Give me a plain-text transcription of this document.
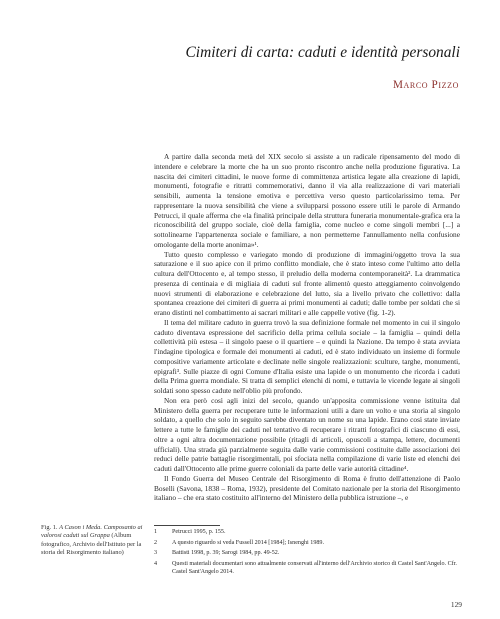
Cimiteri di carta: caduti e identità personali
Marco Pizzo

A partire dalla seconda metà del XIX secolo si assiste a un radicale ripensamento del modo di intendere e celebrare la morte che ha un suo pronto riscontro anche nella produzione figurativa. La nascita dei cimiteri cittadini, le nuove forme di committenza artistica legate alla creazione di lapidi, monumenti, fotografie e ritratti commemorativi, danno il via alla realizzazione di vari materiali sensibili, aumenta la tensione emotiva e percettiva verso questo particolarissimo tema. Per rappresentare la nuova sensibilità che viene a svilupparsi possono essere utili le parole di Armando Petrucci, il quale afferma che «la finalità principale della struttura funeraria monumentale-grafica era la riconoscibilità del gruppo sociale, cioè della famiglia, come nucleo e come singoli membri [...] a sottolinearne l'appartenenza sociale e familiare, a non permetterne l'annullamento nella confusione omologante della morte anonima»¹.

Tutto questo complesso e variegato mondo di produzione di immagini/oggetto trova la sua saturazione e il suo apice con il primo conflitto mondiale, che è stato inteso come l'ultimo atto della cultura dell'Ottocento e, al tempo stesso, il preludio della moderna contemporaneità². La drammatica presenza di centinaia e di migliaia di caduti sul fronte alimentò questo atteggiamento coinvolgendo nuovi strumenti di elaborazione e celebrazione del lutto, sia a livello privato che collettivo: dalla spontanea creazione dei cimiteri di guerra ai primi monumenti ai caduti; dalle tombe per soldati che si erano distinti nel combattimento ai sacrari militari e alle cappelle votive (fig. 1-2).

Il tema del militare caduto in guerra trovò la sua definizione formale nel momento in cui il singolo caduto diventava espressione del sacrificio della prima cellula sociale – la famiglia – quindi della collettività più estesa – il singolo paese o il quartiere – e quindi la Nazione. Da tempo è stata avviata l'indagine tipologica e formale dei monumenti ai caduti, ed è stato individuato un insieme di formule compositive variamente articolate e declinate nelle singole realizzazioni: sculture, targhe, monumenti, epigrafi³. Sulle piazze di ogni Comune d'Italia esiste una lapide o un monumento che ricorda i caduti della Prima guerra mondiale. Si tratta di semplici elenchi di nomi, e tuttavia le vicende legate ai singoli soldati sono spesso cadute nell'oblio più profondo.

Non era però così agli inizi del secolo, quando un'apposita commissione venne istituita dal Ministero della guerra per recuperare tutte le informazioni utili a dare un volto e una storia al singolo soldato, a quello che solo in seguito sarebbe diventato un nome su una lapide. Erano così state inviate lettere a tutte le famiglie dei caduti nel tentativo di recuperare i ritratti fotografici di ciascuno di essi, oltre a ogni altra documentazione possibile (ritagli di articoli, opuscoli a stampa, lettere, documenti ufficiali). Una strada già parzialmente seguita dalle varie commissioni costituite dalle associazioni dei reduci delle patrie battaglie risorgimentali, poi sfociata nella compilazione di varie liste ed elenchi dei caduti dall'Ottocento alle prime guerre coloniali da parte delle varie autorità cittadine⁴.

Il Fondo Guerra del Museo Centrale del Risorgimento di Roma è frutto dell'attenzione di Paolo Boselli (Savona, 1838 – Roma, 1932), presidente del Comitato nazionale per la storia del Risorgimento italiano – che era stato costituito all'interno del Ministero della pubblica istruzione –, e

Fig. 1. A Cason i Meda. Camposanto ai valorosi caduti sul Grappa (Album fotografico, Archivio dell'Istituto per la storia del Risorgimento italiano)
1 Petrucci 1995, p. 155.
2 A questo riguardo si veda Fussell 2014 [1984]; Isnenghi 1989.
3 Battisti 1998, p. 39; Sarogi 1984, pp. 49-52.
4 Questi materiali documentari sono attualmente conservati all'interno dell'Archivio storico di Castel Sant'Angelo. Cfr. Castel Sant'Angelo 2014.
129
